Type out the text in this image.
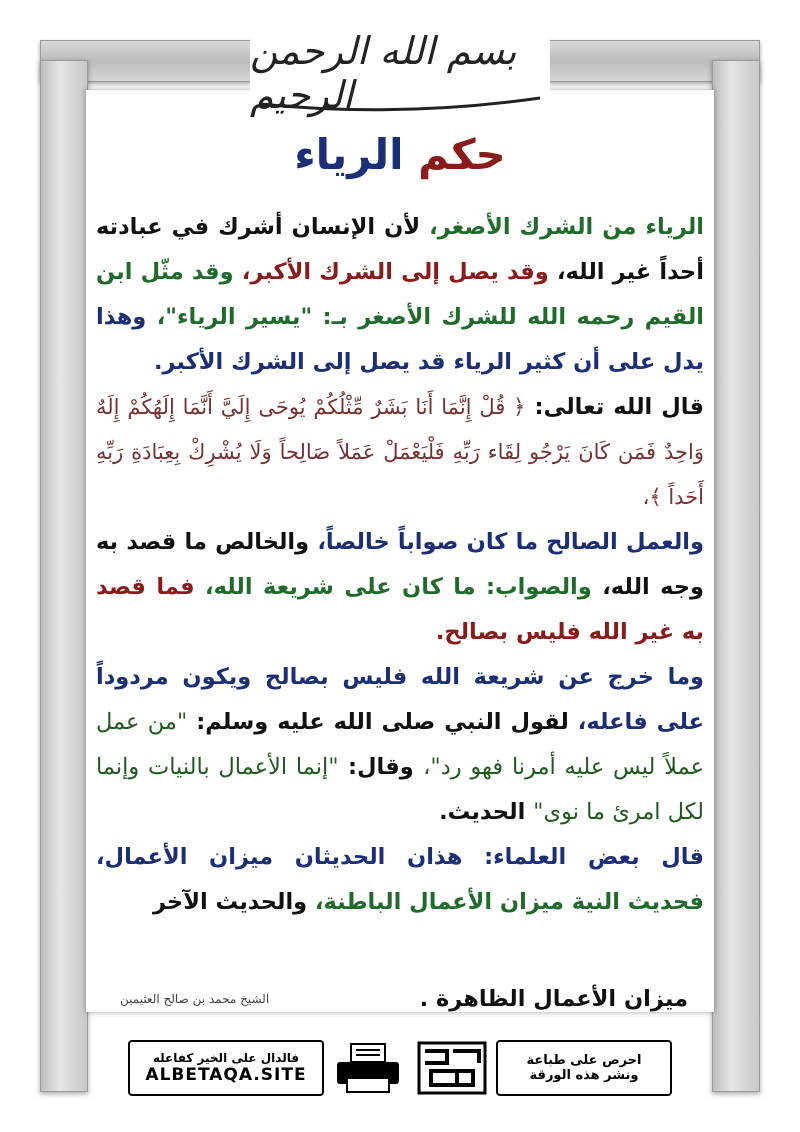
بسم الله الرحمن الرحيم
حكم الرياء

الرياء من الشرك الأصغر، لأن الإنسان أشرك في عبادته أحداً غير الله، وقد يصل إلى الشرك الأكبر، وقد مثّل ابن القيم رحمه الله للشرك الأصغر بـ: "يسير الرياء"، وهذا يدل على أن كثير الرياء قد يصل إلى الشرك الأكبر.

قال الله تعالى: ﴿ قُلْ إِنَّمَا أَنَا بَشَرٌ مِّثْلُكُمْ يُوحَى إِلَيَّ أَنَّمَا إِلَهُكُمْ إِلَهٌ وَاحِدٌ فَمَن كَانَ يَرْجُو لِقَاء رَبِّهِ فَلْيَعْمَلْ عَمَلاً صَالِحاً وَلَا يُشْرِكْ بِعِبَادَةِ رَبِّهِ أَحَداً ﴾،

والعمل الصالح ما كان صواباً خالصاً، والخالص ما قصد به وجه الله، والصواب: ما كان على شريعة الله، فما قصد به غير الله فليس بصالح.

وما خرج عن شريعة الله فليس بصالح ويكون مردوداً على فاعله، لقول النبي صلى الله عليه وسلم: "من عمل عملاً ليس عليه أمرنا فهو رد"، وقال: "إنما الأعمال بالنيات وإنما لكل امرئ ما نوى" الحديث.

قال بعض العلماء: هذان الحديثان ميزان الأعمال، فحديث النية ميزان الأعمال الباطنة، والحديث الآخر

ميزان الأعمال الظاهرة .
الشيخ محمد بن صالح العثيمين
فالدال على الخير كفاعله
ALBETAQA.SITE
احرص على طباعة
ونشر هذه الورقة
